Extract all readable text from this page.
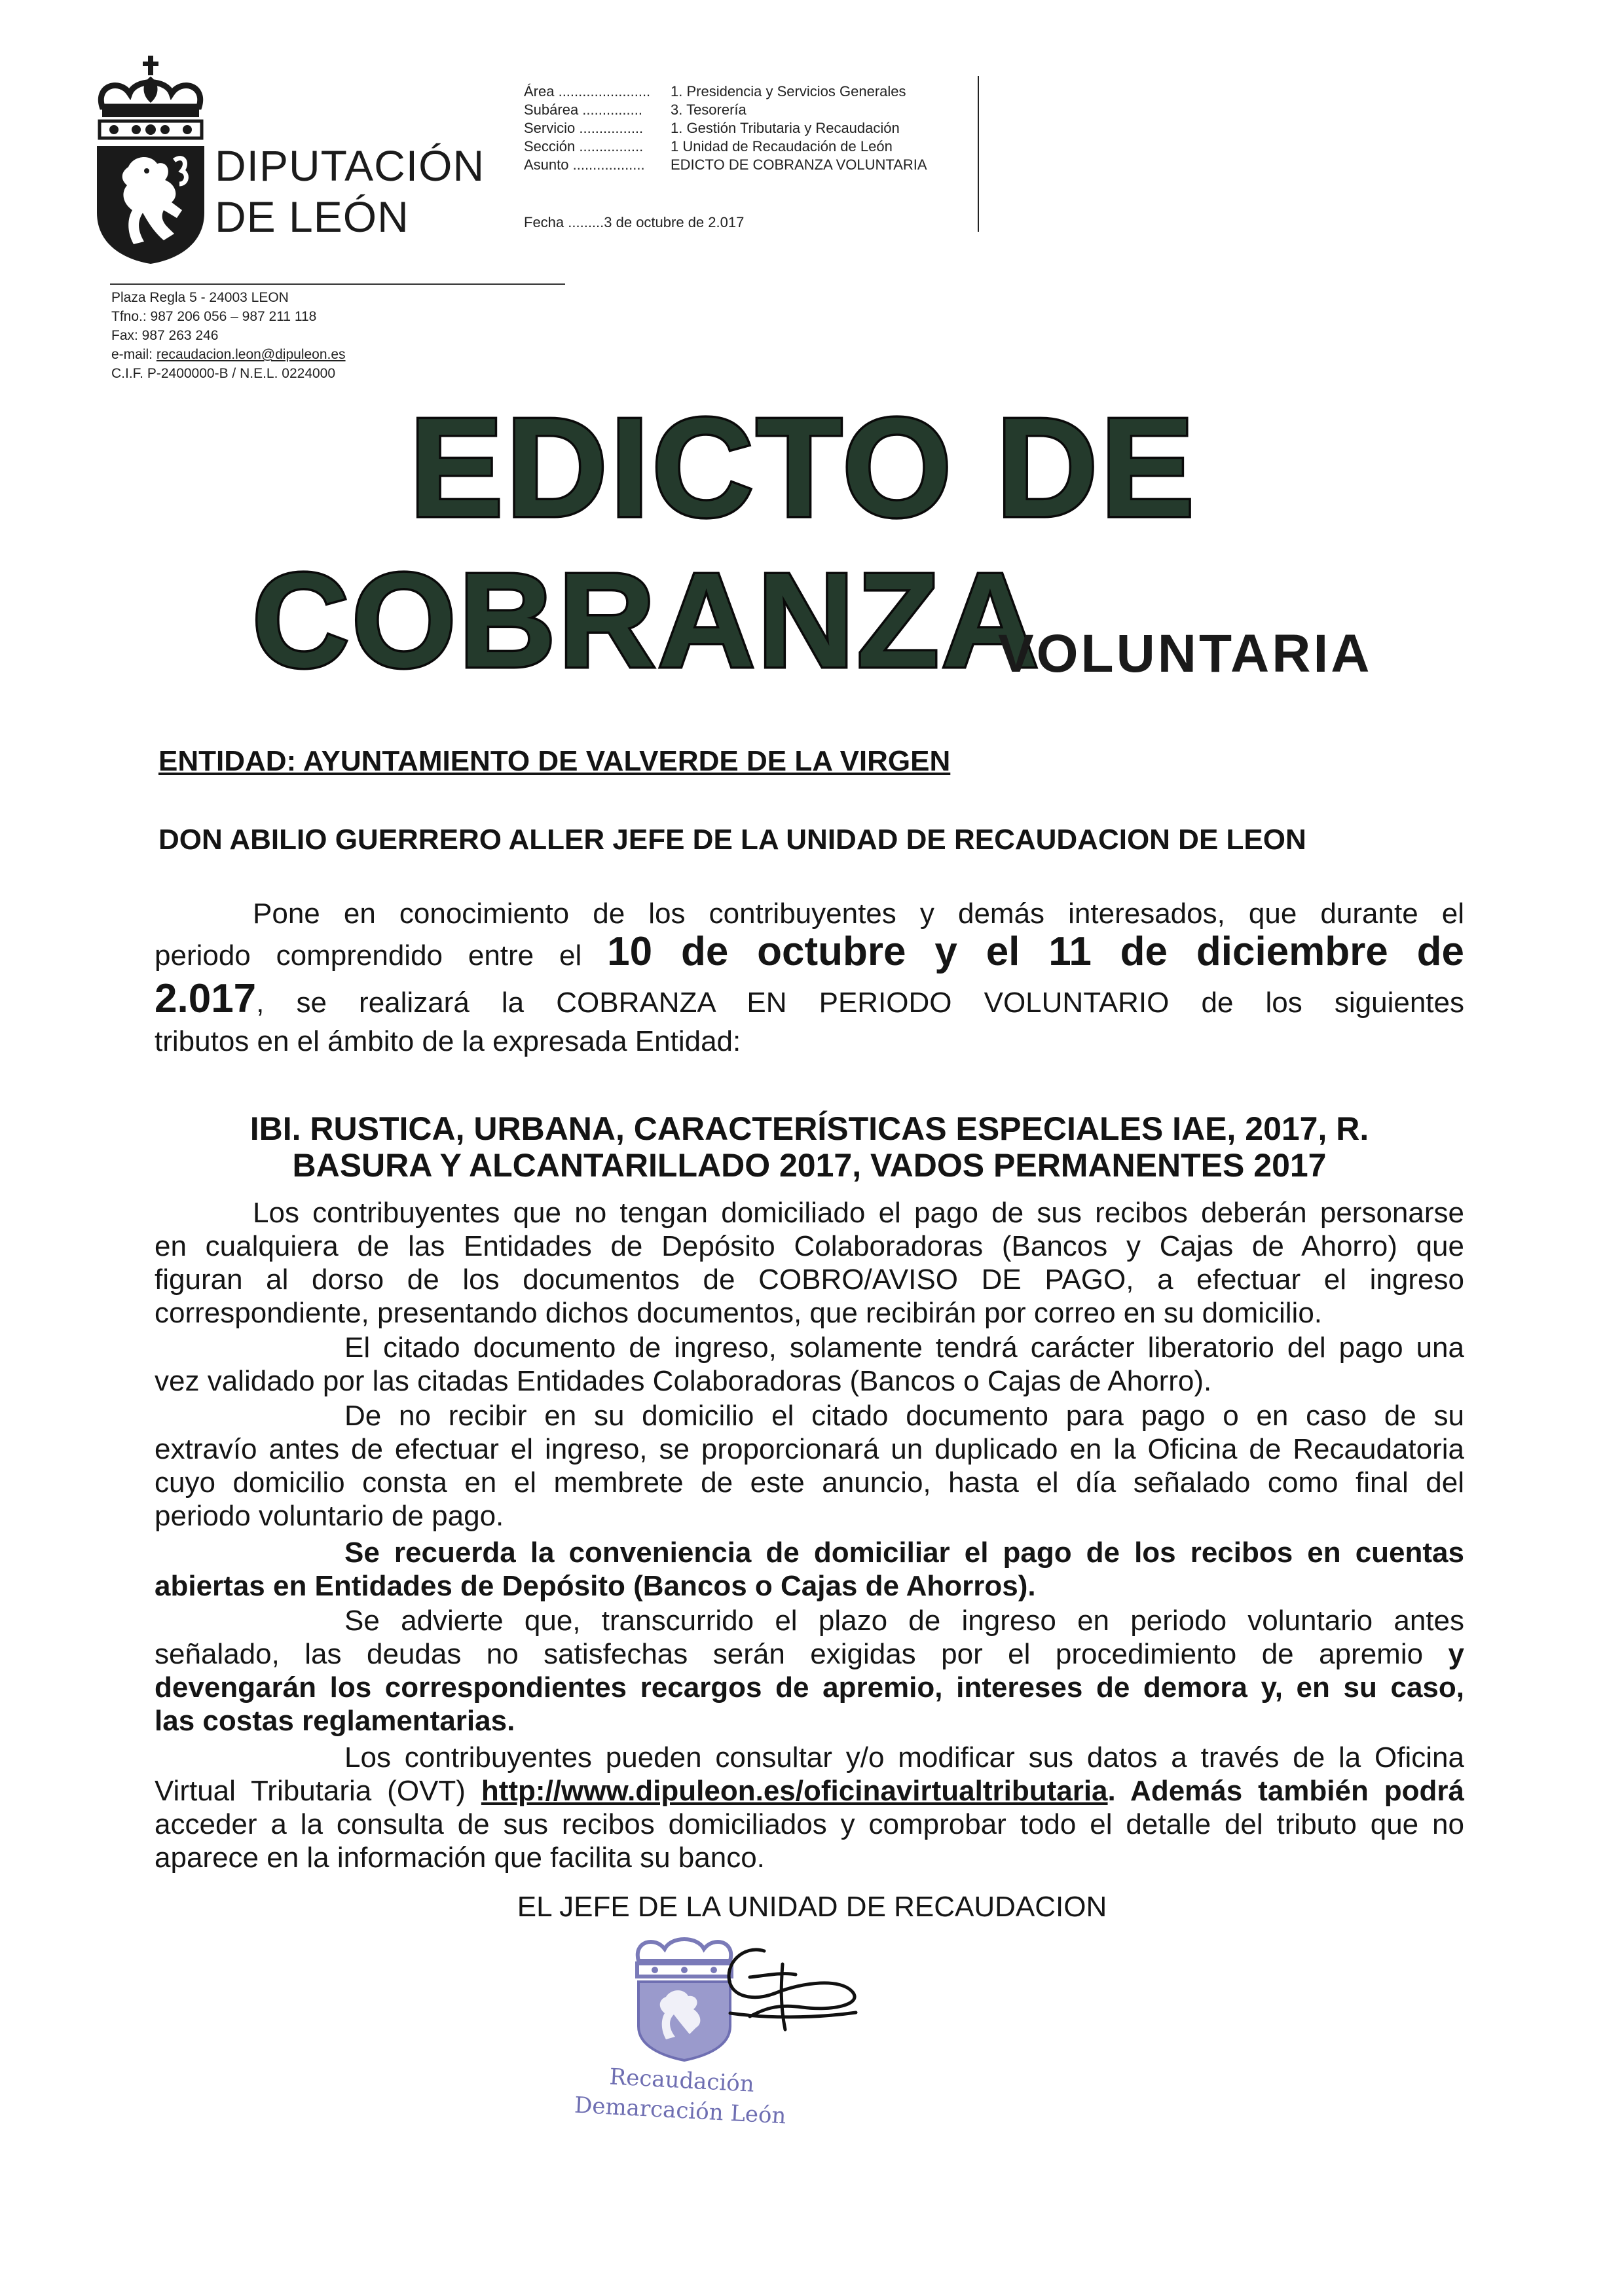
DIPUTACIÓN
DE LEÓN
Área .......................	1. Presidencia y Servicios Generales
Subárea ...............	3. Tesorería
Servicio ................	1. Gestión Tributaria y Recaudación
Sección ................	1 Unidad de Recaudación de León
Asunto ..................	EDICTO DE COBRANZA VOLUNTARIA
Fecha .........3 de octubre de 2.017
Plaza Regla 5 - 24003 LEON
Tfno.: 987 206 056 – 987 211 118
Fax: 987 263 246
e-mail: recaudacion.leon@dipuleon.es
C.I.F. P-2400000-B / N.E.L. 0224000
EDICTO DE
COBRANZA
VOLUNTARIA
ENTIDAD: AYUNTAMIENTO DE VALVERDE DE LA VIRGEN
DON ABILIO GUERRERO ALLER JEFE DE LA UNIDAD DE RECAUDACION DE LEON
Pone en conocimiento de los contribuyentes y demás interesados, que durante el
periodo comprendido entre el 10 de octubre y el 11 de diciembre de
2.017, se realizará la COBRANZA EN PERIODO VOLUNTARIO de los siguientes
tributos en el ámbito de la expresada Entidad:
IBI. RUSTICA, URBANA, CARACTERÍSTICAS ESPECIALES IAE, 2017, R.
BASURA Y ALCANTARILLADO 2017, VADOS PERMANENTES 2017
Los contribuyentes que no tengan domiciliado el pago de sus recibos deberán personarse
en cualquiera de las Entidades de Depósito Colaboradoras (Bancos y Cajas de Ahorro) que
figuran al dorso de los documentos de COBRO/AVISO DE PAGO, a efectuar el ingreso
correspondiente, presentando dichos documentos, que recibirán por correo en su domicilio.
El citado documento de ingreso, solamente tendrá carácter liberatorio del pago una
vez validado por las citadas Entidades Colaboradoras (Bancos o Cajas de Ahorro).
De no recibir en su domicilio el citado documento para pago o en caso de su
extravío antes de efectuar el ingreso, se proporcionará un duplicado en la Oficina de Recaudatoria
cuyo domicilio consta en el membrete de este anuncio, hasta el día señalado como final del
periodo voluntario de pago.
Se recuerda la conveniencia de domiciliar el pago de los recibos en cuentas
abiertas en Entidades de Depósito (Bancos o Cajas de Ahorros).
Se advierte que, transcurrido el plazo de ingreso en periodo voluntario antes
señalado, las deudas no satisfechas serán exigidas por el procedimiento de apremio y
devengarán los correspondientes recargos de apremio, intereses de demora y, en su caso,
las costas reglamentarias.
Los contribuyentes pueden consultar y/o modificar sus datos a través de la Oficina
Virtual Tributaria (OVT) http://www.dipuleon.es/oficinavirtualtributaria. Además también podrá
acceder a la consulta de sus recibos domiciliados y comprobar todo el detalle del tributo que no
aparece en la información que facilita su banco.
EL JEFE DE LA UNIDAD DE RECAUDACION
Recaudación
Demarcación León
